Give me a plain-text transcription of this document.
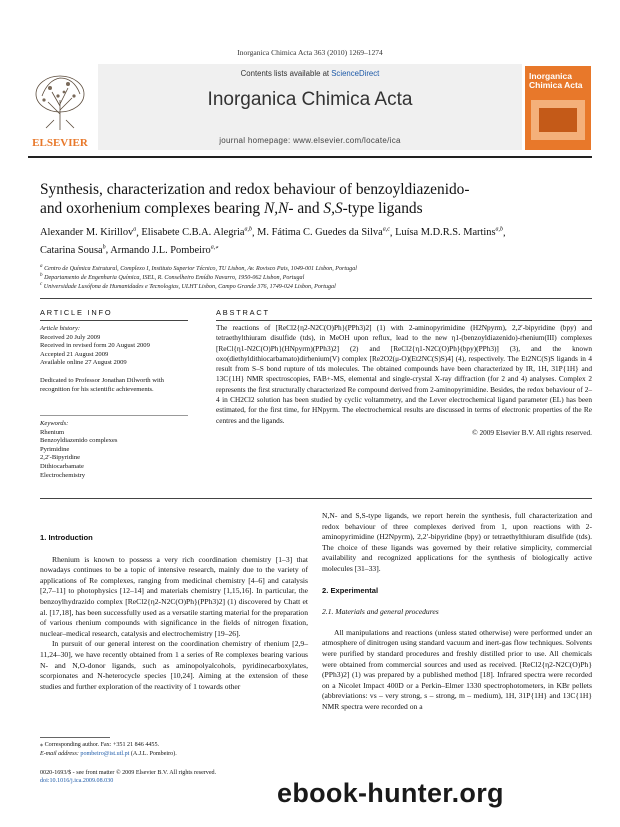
Inorganica Chimica Acta 363 (2010) 1269–1274
ELSEVIER
Contents lists available at ScienceDirect
Inorganica Chimica Acta
journal homepage: www.elsevier.com/locate/ica
Inorganica Chimica Acta
Synthesis, characterization and redox behaviour of benzoyldiazenido-
and oxorhenium complexes bearing N,N- and S,S-type ligands
Alexander M. Kirillov$^a$, Elisabete C.B.A. Alegria$^{a,b}$, M. Fátima C. Guedes da Silva$^{a,c}$, Luísa M.D.R.S. Martins$^{a,b}$,
Catarina Sousa$^b$, Armando J.L. Pombeiro$^{a,⁎}$
$^a$ Centro de Química Estrutural, Complexo I, Instituto Superior Técnico, TU Lisbon, Av. Rovisco Pais, 1049-001 Lisbon, Portugal
$^b$ Departamento de Engenharia Química, ISEL, R. Conselheiro Emídio Navarro, 1950-062 Lisbon, Portugal
$^c$ Universidade Lusófona de Humanidades e Tecnologias, ULHT Lisbon, Campo Grande 376, 1749-024 Lisbon, Portugal
ARTICLE INFO
Article history:
Received 20 July 2009
Received in revised form 20 August 2009
Accepted 21 August 2009
Available online 27 August 2009
Dedicated to Professor Jonathan Dilworth with recognition for his scientific achievements.
Keywords:
Rhenium
Benzoyldiazenido complexes
Pyrimidine
2,2′-Bipyridine
Dithiocarbamate
Electrochemistry
ABSTRACT
The reactions of [ReCl2{η2-N2C(O)Ph}(PPh3)2] (1) with 2-aminopyrimidine (H2Npyrm), 2,2′-bipyridine (bpy) and tetraethylthiuram disulfide (tds), in MeOH upon reflux, lead to the new η1-(benzoyldiazenido)-rhenium(III) complexes [ReCl{η1-N2C(O)Ph}(HNpyrm)(PPh3)2] (2) and [ReCl2{η1-N2C(O)Ph}(bpy)(PPh3)] (3), and the known oxo(diethyldithiocarbamato)dirhenium(V) complex [Re2O2(μ-O)(Et2NC(S)S)4] (4), respectively. The Et2NC(S)S ligands in 4 result from S–S bond rupture of tds molecules. The obtained compounds have been characterized by IR, 1H, 31P{1H} and 13C{1H} NMR spectroscopies, FAB+-MS, elemental and single-crystal X-ray diffraction (for 2 and 4) analyses. Complex 2 represents the first structurally characterized Re compound derived from 2-aminopyrimidine. Besides, the redox behaviour of 2–4 in CH2Cl2 solution has been studied by cyclic voltammetry, and the Lever electrochemical ligand parameter (EL) has been estimated, for the first time, for HNpyrm. The electrochemical results are discussed in terms of electronic properties of the Re centres and the ligands.
© 2009 Elsevier B.V. All rights reserved.

1. Introduction

Rhenium is known to possess a very rich coordination chemistry [1–3] that nowadays continues to be a topic of intensive research, mainly due to the variety of applications of Re complexes, ranging from medicinal chemistry [4–6] and catalysis [2,7–11] to photophysics [12–14] and materials chemistry [1,15,16]. In particular, the benzoylhydrazido complex [ReCl2{η2-N2C(O)Ph}(PPh3)2] (1) discovered by Chatt et al. [17,18], has been successfully used as a versatile starting material for the preparation of various rhenium compounds with significance in the fields of nitrogen fixation, nuclear–medical research, catalysis and electrochemistry [19–26].

In pursuit of our general interest on the coordination chemistry of rhenium [2,9–11,24–30], we have recently obtained from 1 a series of Re complexes bearing various N- and N,O-donor ligands, such as aminopolyalcohols, pyridinecarboxylates, scorpionates and N-heterocycle species [10,24]. Aiming at the extension of these studies and further exploration of the reactivity of 1 towards other

N,N- and S,S-type ligands, we report herein the synthesis, full characterization and redox behaviour of three complexes derived from 1, upon reactions with 2-aminopyrimidine (H2Npyrm), 2,2′-bipyridine (bpy) or tetraethylthiuram disulfide (tds). The choice of these ligands was governed by their relative simplicity, commercial availability and recognized applications for the synthesis of biologically active molecules [31–33].

2. Experimental

2.1. Materials and general procedures

All manipulations and reactions (unless stated otherwise) were performed under an atmosphere of dinitrogen using standard vacuum and inert-gas flow techniques. Solvents were purified by standard procedures and freshly distilled prior to use. All chemicals were obtained from commercial sources and used as received. [ReCl2{η2-N2C(O)Ph}(PPh3)2] (1) was prepared by a published method [18]. Infrared spectra were recorded on a Nicolet Impact 400D or a Perkin–Elmer 1330 spectrophotometers, in KBr pellets (abbreviations: vs – very strong, s – strong, m – medium), 1H, 31P{1H} and 13C{1H} NMR spectra were recorded on a

⁎ Corresponding author. Fax: +351 21 846 4455.
E-mail address: pombeiro@ist.utl.pt (A.J.L. Pombeiro).
0020-1693/$ - see front matter © 2009 Elsevier B.V. All rights reserved.
doi:10.1016/j.ica.2009.08.030	ebook-hunter.org
